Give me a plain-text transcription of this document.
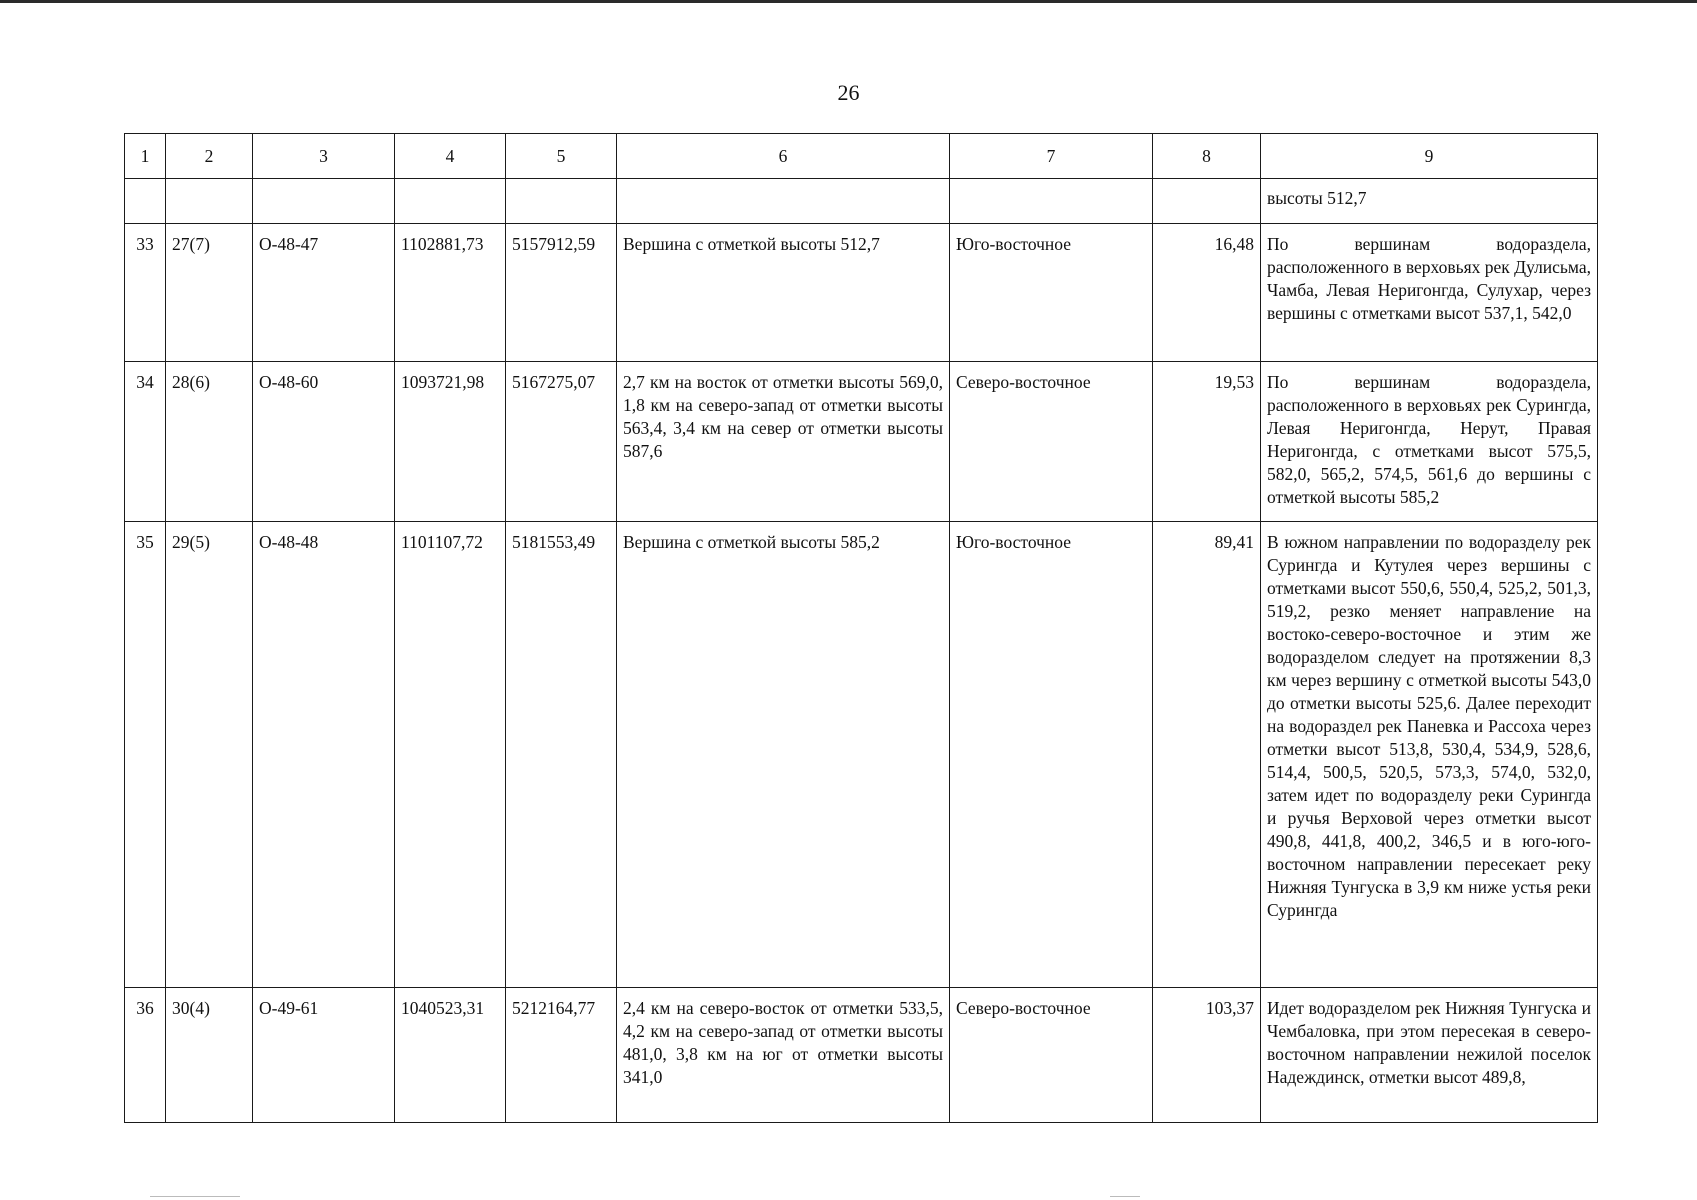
26
1	2	3	4	5	6	7	8	9
								высоты 512,7
33	27(7)	О-48-47	1102881,73	5157912,59	Вершина с отметкой высоты 512,7	Юго-восточное	16,48	По вершинам водораздела, расположенного в верховьях рек Дулисьма, Чамба, Левая Неригонгда, Сулухар, через вершины с отметками высот 537,1, 542,0
34	28(6)	О-48-60	1093721,98	5167275,07	2,7 км на восток от отметки высоты 569,0, 1,8 км на северо-запад от отметки высоты 563,4, 3,4 км на север от отметки высоты 587,6	Северо-восточное	19,53	По вершинам водораздела, расположенного в верховьях рек Сурингда, Левая Неригонгда, Нерут, Правая Неригонгда, с отметками высот 575,5, 582,0, 565,2, 574,5, 561,6 до вершины с отметкой высоты 585,2
35	29(5)	О-48-48	1101107,72	5181553,49	Вершина с отметкой высоты 585,2	Юго-восточное	89,41	В южном направлении по водоразделу рек Сурингда и Кутулея через вершины с отметками высот 550,6, 550,4, 525,2, 501,3, 519,2, резко меняет направление на востоко-северо-восточное и этим же водоразделом следует на протяжении 8,3 км через вершину с отметкой высоты 543,0 до отметки высоты 525,6. Далее переходит на водораздел рек Паневка и Рассоха через отметки высот 513,8, 530,4, 534,9, 528,6, 514,4, 500,5, 520,5, 573,3, 574,0, 532,0, затем идет по водоразделу реки Сурингда и ручья Верховой через отметки высот 490,8, 441,8, 400,2, 346,5 и в юго-юго-восточном направлении пересекает реку Нижняя Тунгуска в 3,9 км ниже устья реки Сурингда
36	30(4)	О-49-61	1040523,31	5212164,77	2,4 км на северо-восток от отметки 533,5, 4,2 км на северо-запад от отметки высоты 481,0, 3,8 км на юг от отметки высоты 341,0	Северо-восточное	103,37	Идет водоразделом рек Нижняя Тунгуска и Чембаловка, при этом пересекая в северо-восточном направлении нежилой поселок Надеждинск, отметки высот 489,8,
